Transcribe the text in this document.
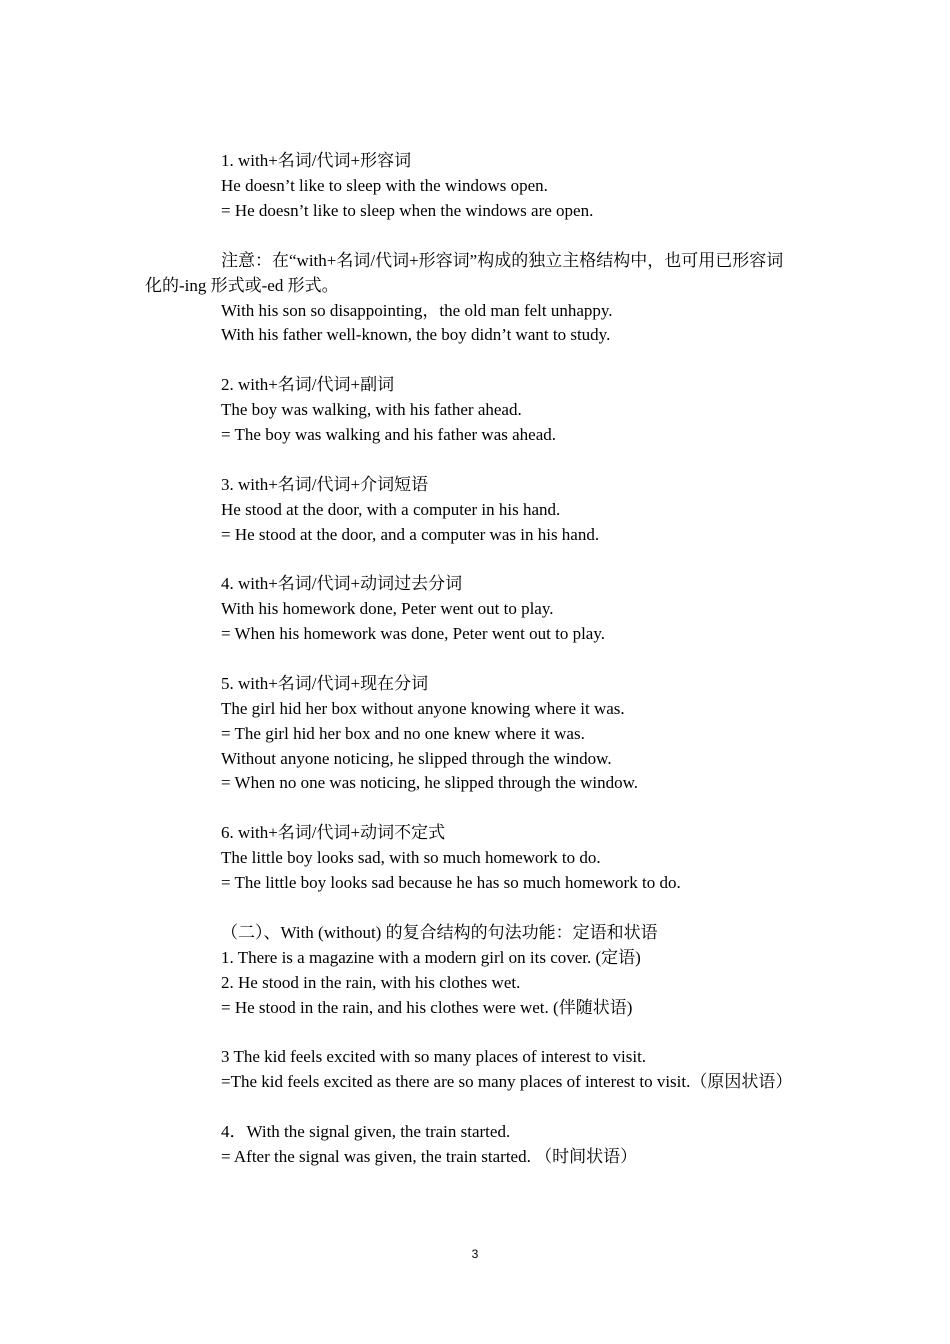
1. with+名词/代词+形容词
He doesn’t like to sleep with the windows open.
= He doesn’t like to sleep when the windows are open.
注意：在“with+名词/代词+形容词”构成的独立主格结构中，也可用已形容词
化的-ing 形式或-ed 形式。
With his son so disappointing，the old man felt unhappy.
With his father well-known, the boy didn’t want to study.
2. with+名词/代词+副词
The boy was walking, with his father ahead.
= The boy was walking and his father was ahead.
3. with+名词/代词+介词短语
He stood at the door, with a computer in his hand.
= He stood at the door, and a computer was in his hand.
4. with+名词/代词+动词过去分词
With his homework done, Peter went out to play.
= When his homework was done, Peter went out to play.
5. with+名词/代词+现在分词
The girl hid her box without anyone knowing where it was.
= The girl hid her box and no one knew where it was.
Without anyone noticing, he slipped through the window.
= When no one was noticing, he slipped through the window.
6. with+名词/代词+动词不定式
The little boy looks sad, with so much homework to do.
= The little boy looks sad because he has so much homework to do.
（二）、With (without) 的复合结构的句法功能：定语和状语
1. There is a magazine with a modern girl on its cover. (定语)
2. He stood in the rain, with his clothes wet.
= He stood in the rain, and his clothes were wet. (伴随状语)
3 The kid feels excited with so many places of interest to visit.
=The kid feels excited as there are so many places of interest to visit.（原因状语）
4．With the signal given, the train started.
= After the signal was given, the train started. （时间状语）
3
